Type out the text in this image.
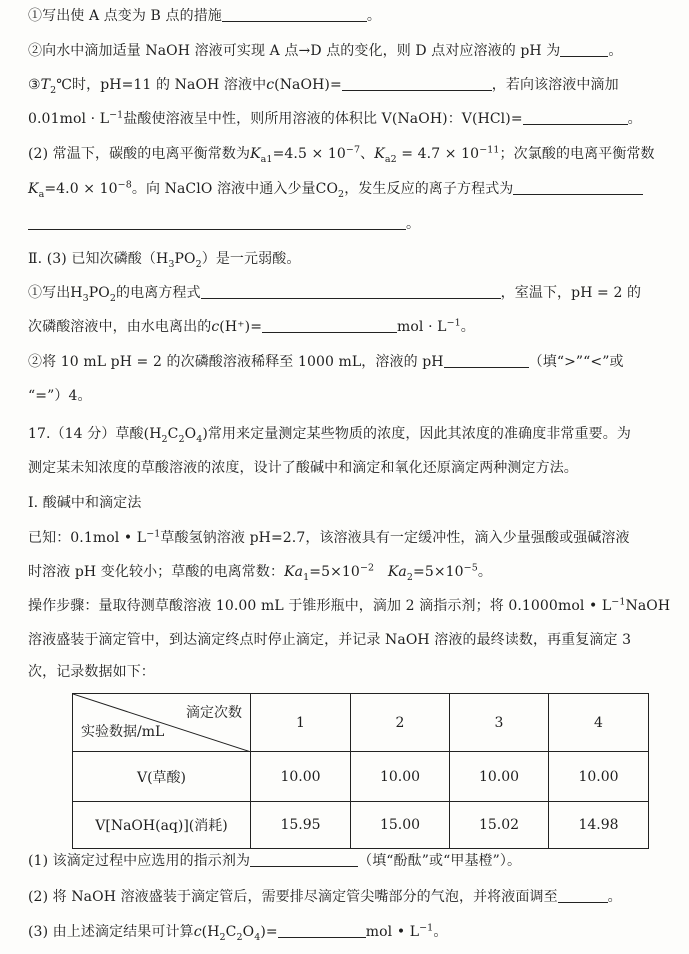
①写出使 A 点变为 B 点的措施	。
②向水中滴加适量 NaOH 溶液可实现 A 点→D 点的变化，则 D 点对应溶液的 pH 为	。
$③T_2℃$时，pH=11 的 NaOH 溶液中c(NaOH)=	，若向该溶液中滴加
$0.01mol \cdot L^{-1}$盐酸使溶液呈中性，则所用溶液的体积比 V(NaOH)：V(HCl)=	。
(2) 常温下，碳酸的电离平衡常数为$K_{a1}=4.5 \times 10^{-7}$、$K_{a2} = 4.7 \times 10^{-11}$；次氯酸的电离平衡常数
$K_a=4.0 \times 10^{-8}$。向 NaClO 溶液中通入少量$CO_2$，发生反应的离子方程式为
。
Ⅱ. (3) 已知次磷酸$(H_3PO_2)$是一元弱酸。
①写出$H_3PO_2$的电离方程式	，室温下，pH = 2 的
次磷酸溶液中，由水电离出的c(H⁺)=	mol · $L^{-1}$。
②将 10 mL pH = 2 的次磷酸溶液稀释至 1000 mL，溶液的 pH	（填“>”“<”或
“=”）4。
17.（14 分）草酸$(H_2C_2O_4)$常用来定量测定某些物质的浓度，因此其浓度的准确度非常重要。为
测定某未知浓度的草酸溶液的浓度，设计了酸碱中和滴定和氧化还原滴定两种测定方法。
I. 酸碱中和滴定法
已知：0.1mol • $L^{-1}$草酸氢钠溶液 pH=2.7，该溶液具有一定缓冲性，滴入少量强酸或强碱溶液
时溶液 pH 变化较小；草酸的电离常数：$Ka_1=5\times 10^{-2}$ $Ka_2=5\times 10^{-5}$。
操作步骤：量取待测草酸溶液 10.00 mL 于锥形瓶中，滴加 2 滴指示剂；将 0.1000mol • $L^{-1}NaOH$
溶液盛装于滴定管中，到达滴定终点时停止滴定，并记录 NaOH 溶液的最终读数，再重复滴定 3
次，记录数据如下：
滴定次数
实验数据/mL	1	2	3	4
V(草酸)	10.00	10.00	10.00	10.00
V[NaOH(aq)](消耗)	15.95	15.00	15.02	14.98
(1) 该滴定过程中应选用的指示剂为	（填“酚酞”或“甲基橙”）。
(2) 将 NaOH 溶液盛装于滴定管后，需要排尽滴定管尖嘴部分的气泡，并将液面调至	。
(3) 由上述滴定结果可计算$c(H_2C_2O_4)=$	mol • $L^{-1}$。
